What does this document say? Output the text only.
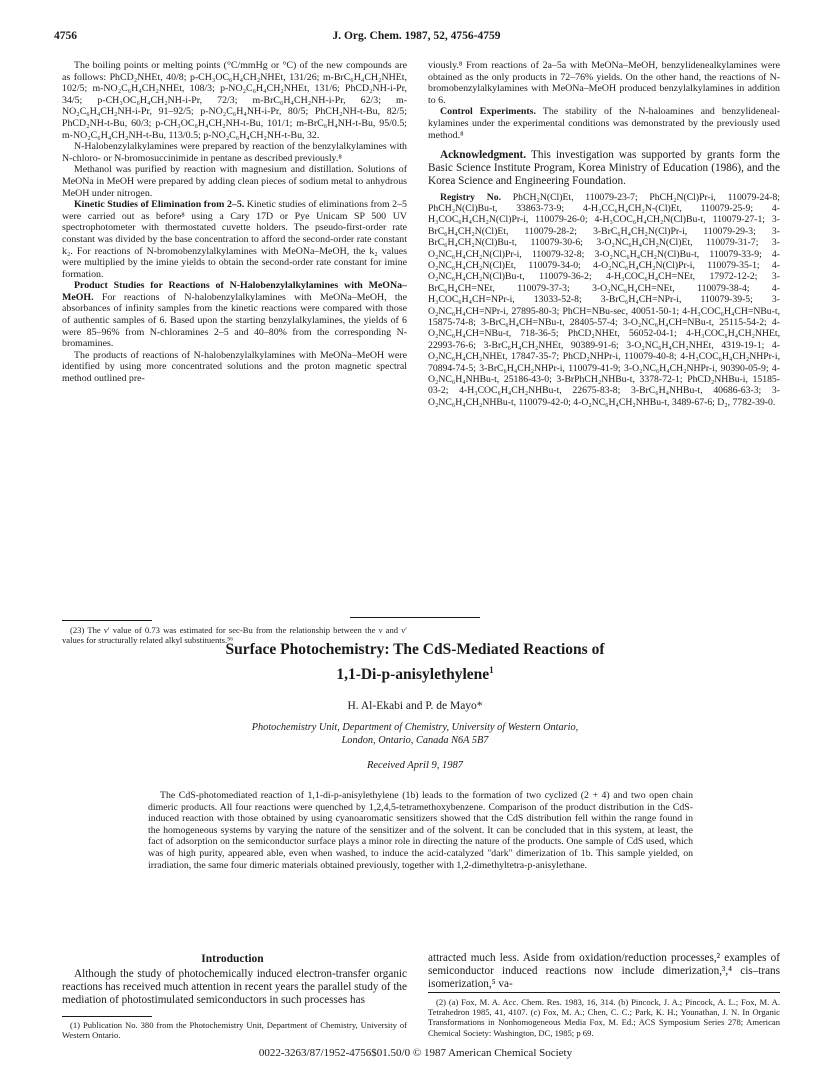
4756	J. Org. Chem. 1987, 52, 4756-4759

The boiling points or melting points (°C/mmHg or °C) of the new compounds are as follows: PhCD₂NHEt, 40/8; p-CH₃OC₆H₄CH₂NHEt, 131/26; m-BrC₆H₄CH₂NHEt, 102/5; m-NO₂C₆H₄CH₂NHEt, 108/3; p-NO₂C₆H₄CH₂NHEt, 131/6; PhCD₂NH-i-Pr, 34/5; p-CH₃OC₆H₄CH₂NH-i-Pr, 72/3; m-BrC₆H₄CH₂NH-i-Pr, 62/3; m-NO₂C₆H₄CH₂NH-i-Pr, 91–92/5; p-NO₂C₆H₄NH-i-Pr, 80/5; PhCH₂NH-t-Bu, 82/5; PhCD₂NH-t-Bu, 60/3; p-CH₃OC₆H₄CH₂NH-t-Bu, 101/1; m-BrC₆H₄NH-t-Bu, 95/0.5; m-NO₂C₆H₄CH₂NH-t-Bu, 113/0.5; p-NO₂C₆H₄CH₂NH-t-Bu, 32.

N-Halobenzylalkylamines were prepared by reaction of the benzylalkylamines with N-chloro- or N-bromosuccinimide in pentane as described previously.⁸

Methanol was purified by reaction with magnesium and distillation. Solutions of MeONa in MeOH were prepared by adding clean pieces of sodium metal to anhydrous MeOH under nitrogen.

Kinetic Studies of Elimination from 2–5. Kinetic studies of eliminations from 2–5 were carried out as before⁸ using a Cary 17D or Pye Unicam SP 500 UV spectrophotometer with thermostated cuvette holders. The pseudo-first-order rate constant was divided by the base concentration to afford the second-order rate constant k₂. For reactions of N-bromobenzylalkylamines with MeONa–MeOH, the k₂ values were multiplied by the imine yields to obtain the second-order rate constant for imine formation.

Product Studies for Reactions of N-Halobenzylalkylamines with MeONa–MeOH. For reactions of N-halobenzylalkylamines with MeONa–MeOH, the absorbances of infinity samples from the kinetic reactions were compared with those of authentic samples of 6. Based upon the starting benzylalkylamines, the yields of 6 were 85–96% from N-chloramines 2–5 and 40–80% from the corresponding N-bromamines.

The products of reactions of N-halobenzylalkylamines with MeONa–MeOH were identified by using more concentrated solutions and the proton magnetic spectral method outlined pre-

(23) The ν′ value of 0.73 was estimated for sec-Bu from the relationship between the ν and ν′ values for structurally related alkyl substituents.⁵⁶

viously.⁸ From reactions of 2a–5a with MeONa–MeOH, benzylidenealkylamines were obtained as the only products in 72–76% yields. On the other hand, the reactions of N-bromobenzylalkylamines with MeONa–MeOH produced benzylalkylamines in addition to 6.

Control Experiments. The stability of the N-haloamines and benzylidenealkylamines under the experimental conditions was demonstrated by the previously used method.⁸

Acknowledgment. This investigation was supported by grants form the Basic Science Institute Program, Korea Ministry of Education (1986), and the Korea Science and Engineering Foundation.

Registry No. PhCH₂N(Cl)Et, 110079-23-7; PhCH₂N(Cl)Pr-i, 110079-24-8; PhCH₂N(Cl)Bu-t, 33863-73-9; 4-H₃CC₆H₄CH₂N-(Cl)Et, 110079-25-9; 4-H₃COC₆H₄CH₂N(Cl)Pr-i, 110079-26-0; 4-H₃COC₆H₄CH₂N(Cl)Bu-t, 110079-27-1; 3-BrC₆H₄CH₂N(Cl)Et, 110079-28-2; 3-BrC₆H₄CH₂N(Cl)Pr-i, 110079-29-3; 3-BrC₆H₄CH₂N(Cl)Bu-t, 110079-30-6; 3-O₂NC₆H₄CH₂N(Cl)Et, 110079-31-7; 3-O₂NC₆H₄CH₂N(Cl)Pr-i, 110079-32-8; 3-O₂NC₆H₄CH₂N(Cl)Bu-t, 110079-33-9; 4-O₂NC₆H₄CH₂N(Cl)Et, 110079-34-0; 4-O₂NC₆H₄CH₂N(Cl)Pr-i, 110079-35-1; 4-O₂NC₆H₄CH₂N(Cl)Bu-t, 110079-36-2; 4-H₃COC₆H₄CH=NEt, 17972-12-2; 3-BrC₆H₄CH=NEt, 110079-37-3; 3-O₂NC₆H₄CH=NEt, 110079-38-4; 4-H₃COC₆H₄CH=NPr-i, 13033-52-8; 3-BrC₆H₄CH=NPr-i, 110079-39-5; 3-O₂NC₆H₄CH=NPr-i, 27895-80-3; PhCH=NBu-sec, 40051-50-1; 4-H₃COC₆H₄CH=NBu-t, 15875-74-8; 3-BrC₆H₄CH=NBu-t, 28405-57-4; 3-O₂NC₆H₄CH=NBu-t, 25115-54-2; 4-O₂NC₆H₄CH=NBu-t, 718-36-5; PhCD₂NHEt, 56052-04-1; 4-H₃COC₆H₄CH₂NHEt, 22993-76-6; 3-BrC₆H₄CH₂NHEt, 90389-91-6; 3-O₂NC₆H₄CH₂NHEt, 4319-19-1; 4-O₂NC₆H₄CH₂NHEt, 17847-35-7; PhCD₂NHPr-i, 110079-40-8; 4-H₃COC₆H₄CH₂NHPr-i, 70894-74-5; 3-BrC₆H₄CH₂NHPr-i, 110079-41-9; 3-O₂NC₆H₄CH₂NHPr-i, 90390-05-9; 4-O₂NC₆H₄NHBu-t, 25186-43-0; 3-BrPhCH₂NHBu-t, 3378-72-1; PhCD₂NHBu-i, 15185-03-2; 4-H₃COC₆H₄CH₂NHBu-t, 22675-83-8; 3-BrC₆H₄NHBu-t, 40686-63-3; 3-O₂NC₆H₄CH₂NHBu-t, 110079-42-0; 4-O₂NC₆H₄CH₂NHBu-t, 3489-67-6; D₂, 7782-39-0.

Surface Photochemistry: The CdS-Mediated Reactions of
1,1-Di-p-anisylethylene$^1$
H. Al-Ekabi and P. de Mayo*
Photochemistry Unit, Department of Chemistry, University of Western Ontario,
London, Ontario, Canada N6A 5B7
Received April 9, 1987
The CdS-photomediated reaction of 1,1-di-p-anisylethylene (1b) leads to the formation of two cyclized (2 + 4) and two open chain dimeric products. All four reactions were quenched by 1,2,4,5-tetramethoxybenzene. Comparison of the product distribution in the CdS-induced reaction with those obtained by using cyanoaromatic sensitizers showed that the CdS distribution fell within the range found in the homogeneous systems by varying the nature of the sensitizer and of the solvent. It can be concluded that in this system, at least, the fact of adsorption on the semiconductor surface plays a minor role in directing the nature of the products. One sample of CdS used, which was of high purity, appeared able, even when washed, to induce the acid-catalyzed "dark" dimerization of 1b. This sample yielded, on irradiation, the same four dimeric materials obtained previously, together with 1,2-dimethyltetra-p-anisylethane.
Introduction
Although the study of photochemically induced electron-transfer organic reactions has received much attention in recent years the parallel study of the mediation of photostimulated semiconductors in such processes has
attracted much less. Aside from oxidation/reduction processes,² examples of semiconductor induced reactions now include dimerization,³,⁴ cis–trans isomerization,⁵ va-
(1) Publication No. 380 from the Photochemistry Unit, Department of Chemistry, University of Western Ontario.
(2) (a) Fox, M. A. Acc. Chem. Res. 1983, 16, 314. (b) Pincock, J. A.; Pincock, A. L.; Fox, M. A. Tetrahedron 1985, 41, 4107. (c) Fox, M. A.; Chen, C. C.; Park, K. H.; Younathan, J. N. In Organic Transformations in Nonhomogeneous Media Fox, M. Ed.; ACS Symposium Series 278; American Chemical Society: Washington, DC, 1985; p 69.
0022-3263/87/1952-4756$01.50/0 © 1987 American Chemical Society
